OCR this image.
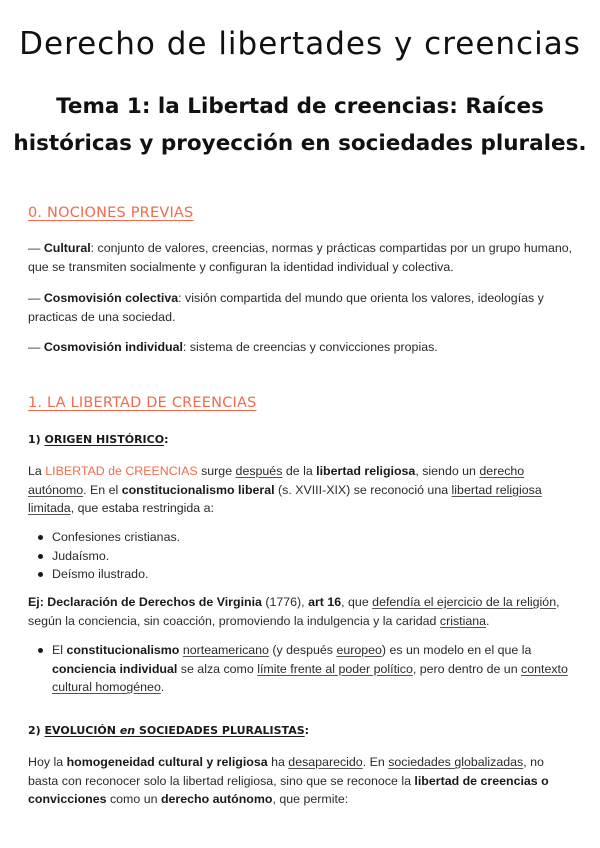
Derecho de libertades y creencias
Tema 1: la Libertad de creencias: Raíces históricas y proyección en sociedades plurales.
0. NOCIONES PREVIAS
— Cultural: conjunto de valores, creencias, normas y prácticas compartidas por un grupo humano, que se transmiten socialmente y configuran la identidad individual y colectiva.
— Cosmovisión colectiva: visión compartida del mundo que orienta los valores, ideologías y practicas de una sociedad.
— Cosmovisión individual: sistema de creencias y convicciones propias.
1. LA LIBERTAD DE CREENCIAS
1) ORIGEN HISTÓRICO:
La LIBERTAD de CREENCIAS surge después de la libertad religiosa, siendo un derecho autónomo. En el constitucionalismo liberal (s. XVIII-XIX) se reconoció una libertad religiosa limitada, que estaba restringida a:
Confesiones cristianas.
Judaísmo.
Deísmo ilustrado.
Ej: Declaración de Derechos de Virginia (1776), art 16, que defendía el ejercicio de la religión, según la conciencia, sin coacción, promoviendo la indulgencia y la caridad cristiana.
El constitucionalismo norteamericano (y después europeo) es un modelo en el que la conciencia individual se alza como límite frente al poder político, pero dentro de un contexto cultural homogéneo.
2) EVOLUCIÓN en SOCIEDADES PLURALISTAS:
Hoy la homogeneidad cultural y religiosa ha desaparecido. En sociedades globalizadas, no basta con reconocer solo la libertad religiosa, sino que se reconoce la libertad de creencias o convicciones como un derecho autónomo, que permite:
